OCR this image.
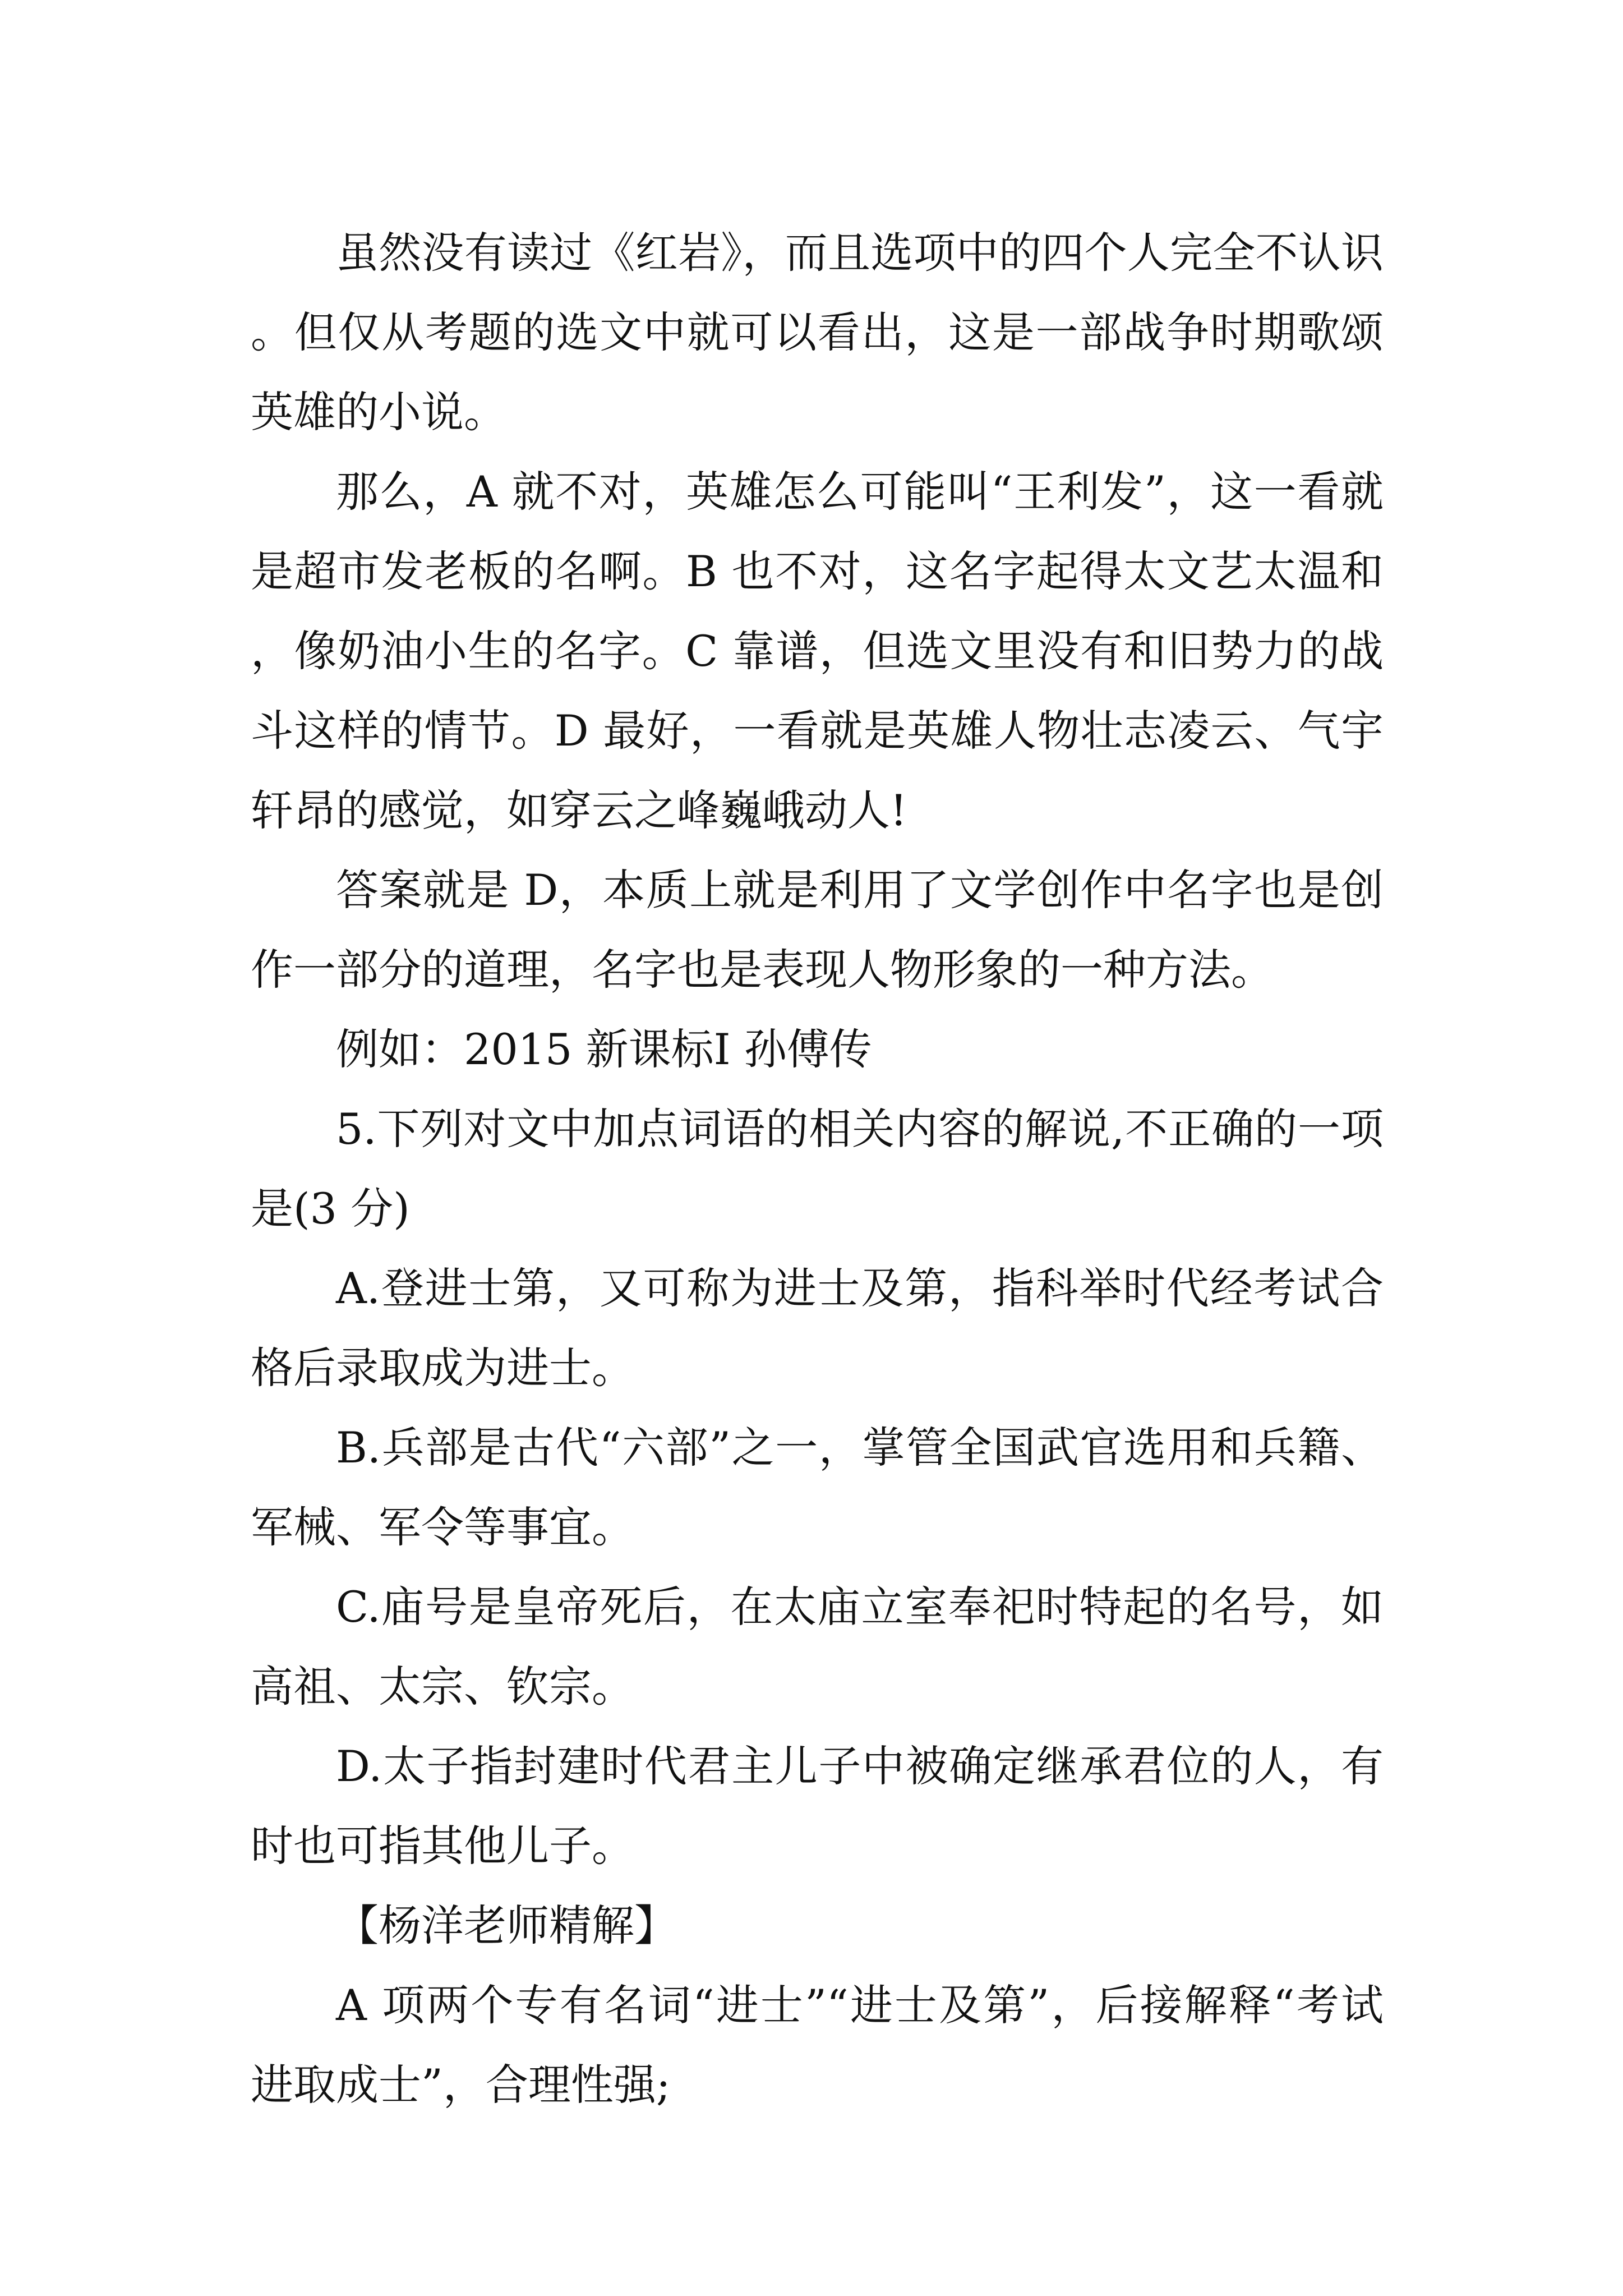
虽然没有读过《红岩》，而且选项中的四个人完全不认识。但仅从考题的选文中就可以看出，这是一部战争时期歌颂英雄的小说。

那么，A 就不对，英雄怎么可能叫“王利发”，这一看就是超市发老板的名啊。B 也不对，这名字起得太文艺太温和，像奶油小生的名字。C 靠谱，但选文里没有和旧势力的战斗这样的情节。D 最好，一看就是英雄人物壮志凌云、气宇轩昂的感觉，如穿云之峰巍峨动人!

答案就是 D，本质上就是利用了文学创作中名字也是创作一部分的道理，名字也是表现人物形象的一种方法。

例如：2015 新课标Ⅰ 孙傅传

5.下列对文中加点词语的相关内容的解说,不正确的一项是(3 分)

A.登进士第，又可称为进士及第，指科举时代经考试合格后录取成为进士。

B.兵部是古代“六部”之一，掌管全国武官选用和兵籍、军械、军令等事宜。

C.庙号是皇帝死后，在太庙立室奉祀时特起的名号，如高祖、太宗、钦宗。

D.太子指封建时代君主儿子中被确定继承君位的人，有时也可指其他儿子。

【杨洋老师精解】

A 项两个专有名词“进士”“进士及第”，后接解释“考试进取成士”，合理性强;
